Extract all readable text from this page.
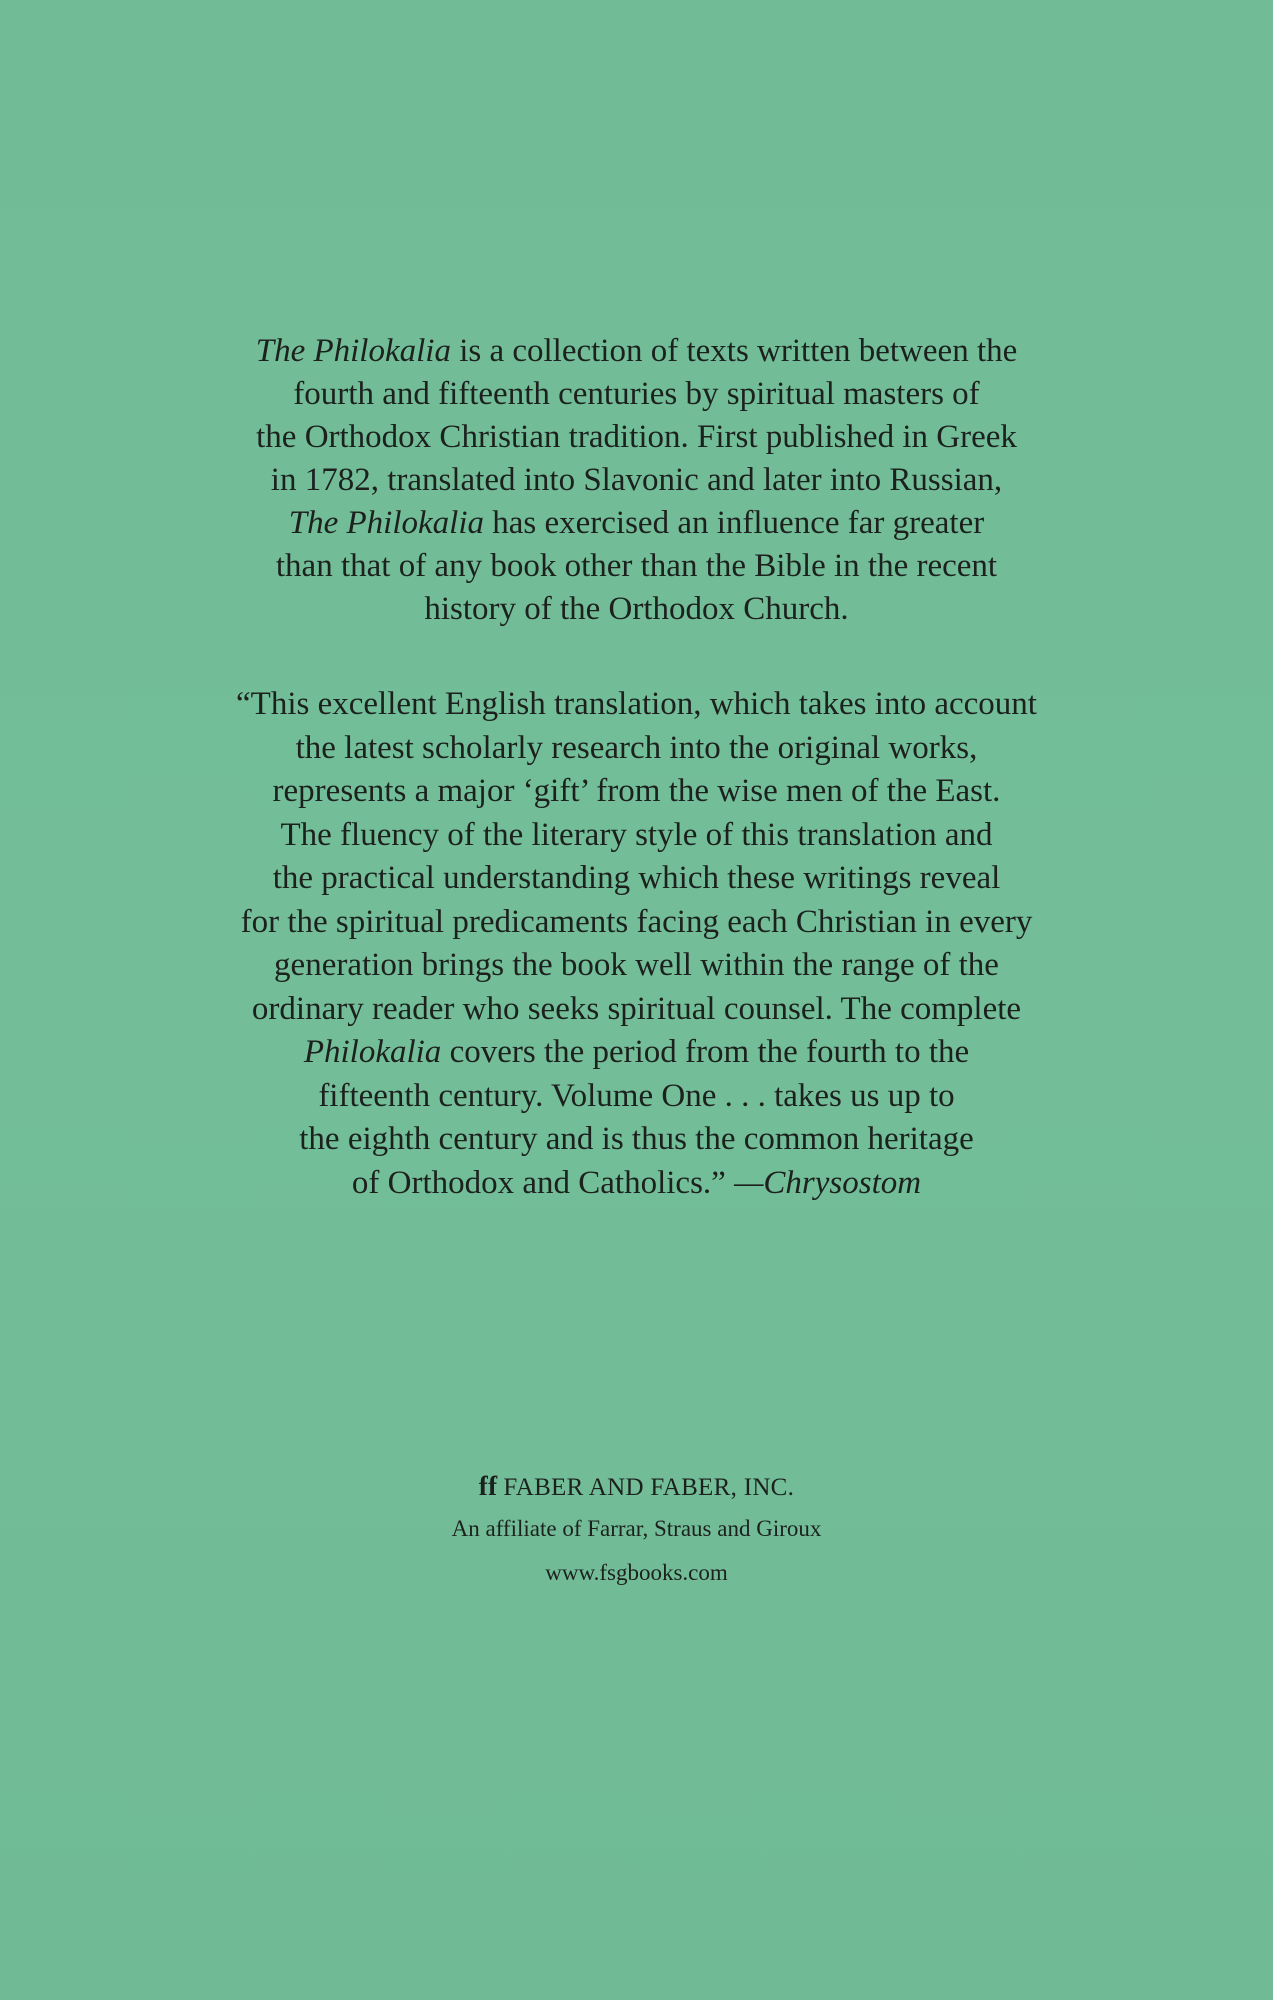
The Philokalia is a collection of texts written between the
fourth and fifteenth centuries by spiritual masters of
the Orthodox Christian tradition. First published in Greek
in 1782, translated into Slavonic and later into Russian,
The Philokalia has exercised an influence far greater
than that of any book other than the Bible in the recent
history of the Orthodox Church.
“This excellent English translation, which takes into account
the latest scholarly research into the original works,
represents a major ‘gift’ from the wise men of the East.
The fluency of the literary style of this translation and
the practical understanding which these writings reveal
for the spiritual predicaments facing each Christian in every
generation brings the book well within the range of the
ordinary reader who seeks spiritual counsel. The complete
Philokalia covers the period from the fourth to the
fifteenth century. Volume One . . . takes us up to
the eighth century and is thus the common heritage
of Orthodox and Catholics.” —Chrysostom
ff FABER AND FABER, INC.
An affiliate of Farrar, Straus and Giroux
www.fsgbooks.com
